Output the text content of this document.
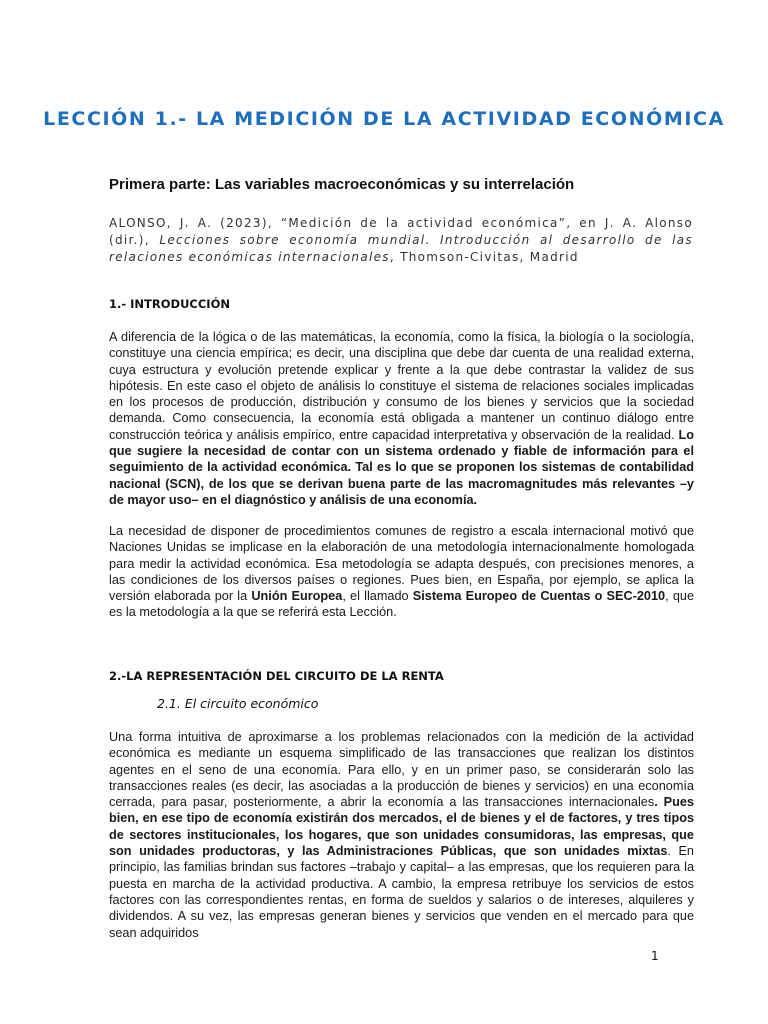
LECCIÓN 1.- LA MEDICIÓN DE LA ACTIVIDAD ECONÓMICA
Primera parte: Las variables macroeconómicas y su interrelación
ALONSO, J. A. (2023), “Medición de la actividad económica”, en J. A. Alonso (dir.), Lecciones sobre economía mundial. Introducción al desarrollo de las relaciones económicas internacionales, Thomson-Civitas, Madrid
1.- INTRODUCCIÓN
A diferencia de la lógica o de las matemáticas, la economía, como la física, la biología o la sociología, constituye una ciencia empírica; es decir, una disciplina que debe dar cuenta de una realidad externa, cuya estructura y evolución pretende explicar y frente a la que debe contrastar la validez de sus hipótesis. En este caso el objeto de análisis lo constituye el sistema de relaciones sociales implicadas en los procesos de producción, distribución y consumo de los bienes y servicios que la sociedad demanda. Como consecuencia, la economía está obligada a mantener un continuo diálogo entre construcción teórica y análisis empírico, entre capacidad interpretativa y observación de la realidad. Lo que sugiere la necesidad de contar con un sistema ordenado y fiable de información para el seguimiento de la actividad económica. Tal es lo que se proponen los sistemas de contabilidad nacional (SCN), de los que se derivan buena parte de las macromagnitudes más relevantes –y de mayor uso– en el diagnóstico y análisis de una economía.
La necesidad de disponer de procedimientos comunes de registro a escala internacional motivó que Naciones Unidas se implicase en la elaboración de una metodología internacionalmente homologada para medir la actividad económica. Esa metodología se adapta después, con precisiones menores, a las condiciones de los diversos países o regiones. Pues bien, en España, por ejemplo, se aplica la versión elaborada por la Unión Europea, el llamado Sistema Europeo de Cuentas o SEC-2010, que es la metodología a la que se referirá esta Lección.
2.-LA REPRESENTACIÓN DEL CIRCUITO DE LA RENTA
2.1. El circuito económico
Una forma intuitiva de aproximarse a los problemas relacionados con la medición de la actividad económica es mediante un esquema simplificado de las transacciones que realizan los distintos agentes en el seno de una economía. Para ello, y en un primer paso, se considerarán solo las transacciones reales (es decir, las asociadas a la producción de bienes y servicios) en una economía cerrada, para pasar, posteriormente, a abrir la economía a las transacciones internacionales. Pues bien, en ese tipo de economía existirán dos mercados, el de bienes y el de factores, y tres tipos de sectores institucionales, los hogares, que son unidades consumidoras, las empresas, que son unidades productoras, y las Administraciones Públicas, que son unidades mixtas. En principio, las familias brindan sus factores –trabajo y capital– a las empresas, que los requieren para la puesta en marcha de la actividad productiva. A cambio, la empresa retribuye los servicios de estos factores con las correspondientes rentas, en forma de sueldos y salarios o de intereses, alquileres y dividendos. A su vez, las empresas generan bienes y servicios que venden en el mercado para que sean adquiridos
1
